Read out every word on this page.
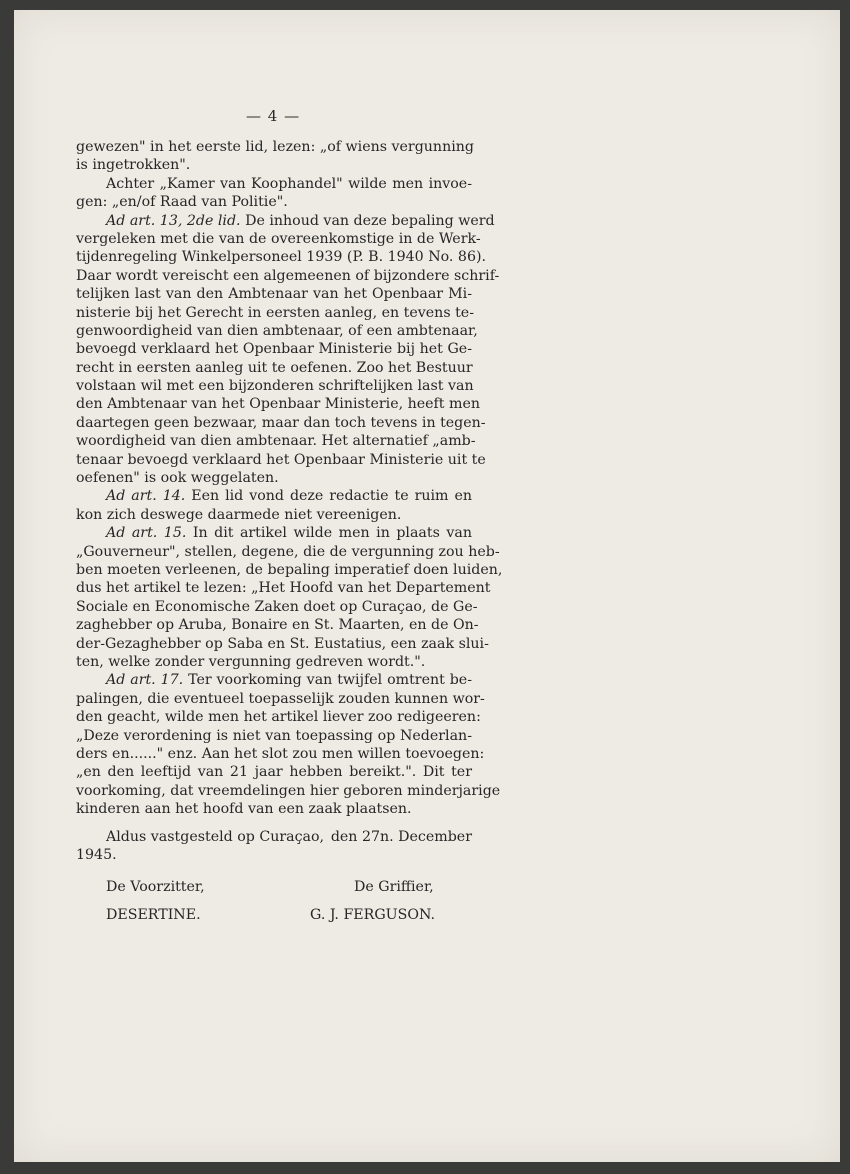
— 4 —
gewezen" in het eerste lid, lezen: „of wiens vergunning
is ingetrokken".
Achter „Kamer van Koophandel" wilde men invoe-
gen: „en/of Raad van Politie".
Ad art. 13, 2de lid. De inhoud van deze bepaling werd
vergeleken met die van de overeenkomstige in de Werk-
tijdenregeling Winkelpersoneel 1939 (P. B. 1940 No. 86).
Daar wordt vereischt een algemeenen of bijzondere schrif-
telijken last van den Ambtenaar van het Openbaar Mi-
nisterie bij het Gerecht in eersten aanleg, en tevens te-
genwoordigheid van dien ambtenaar, of een ambtenaar,
bevoegd verklaard het Openbaar Ministerie bij het Ge-
recht in eersten aanleg uit te oefenen. Zoo het Bestuur
volstaan wil met een bijzonderen schriftelijken last van
den Ambtenaar van het Openbaar Ministerie, heeft men
daartegen geen bezwaar, maar dan toch tevens in tegen-
woordigheid van dien ambtenaar. Het alternatief „amb-
tenaar bevoegd verklaard het Openbaar Ministerie uit te
oefenen" is ook weggelaten.
Ad art. 14. Een lid vond deze redactie te ruim en
kon zich deswege daarmede niet vereenigen.
Ad art. 15. In dit artikel wilde men in plaats van
„Gouverneur", stellen, degene, die de vergunning zou heb-
ben moeten verleenen, de bepaling imperatief doen luiden,
dus het artikel te lezen: „Het Hoofd van het Departement
Sociale en Economische Zaken doet op Curaçao, de Ge-
zaghebber op Aruba, Bonaire en St. Maarten, en de On-
der-Gezaghebber op Saba en St. Eustatius, een zaak slui-
ten, welke zonder vergunning gedreven wordt.".
Ad art. 17. Ter voorkoming van twijfel omtrent be-
palingen, die eventueel toepasselijk zouden kunnen wor-
den geacht, wilde men het artikel liever zoo redigeeren:
„Deze verordening is niet van toepassing op Nederlan-
ders en......" enz. Aan het slot zou men willen toevoegen:
„en den leeftijd van 21 jaar hebben bereikt.". Dit ter
voorkoming, dat vreemdelingen hier geboren minderjarige
kinderen aan het hoofd van een zaak plaatsen.
Aldus vastgesteld op Curaçao, den 27n. December
1945.
De Voorzitter,	De Griffier,
DESERTINE.	G. J. FERGUSON.
